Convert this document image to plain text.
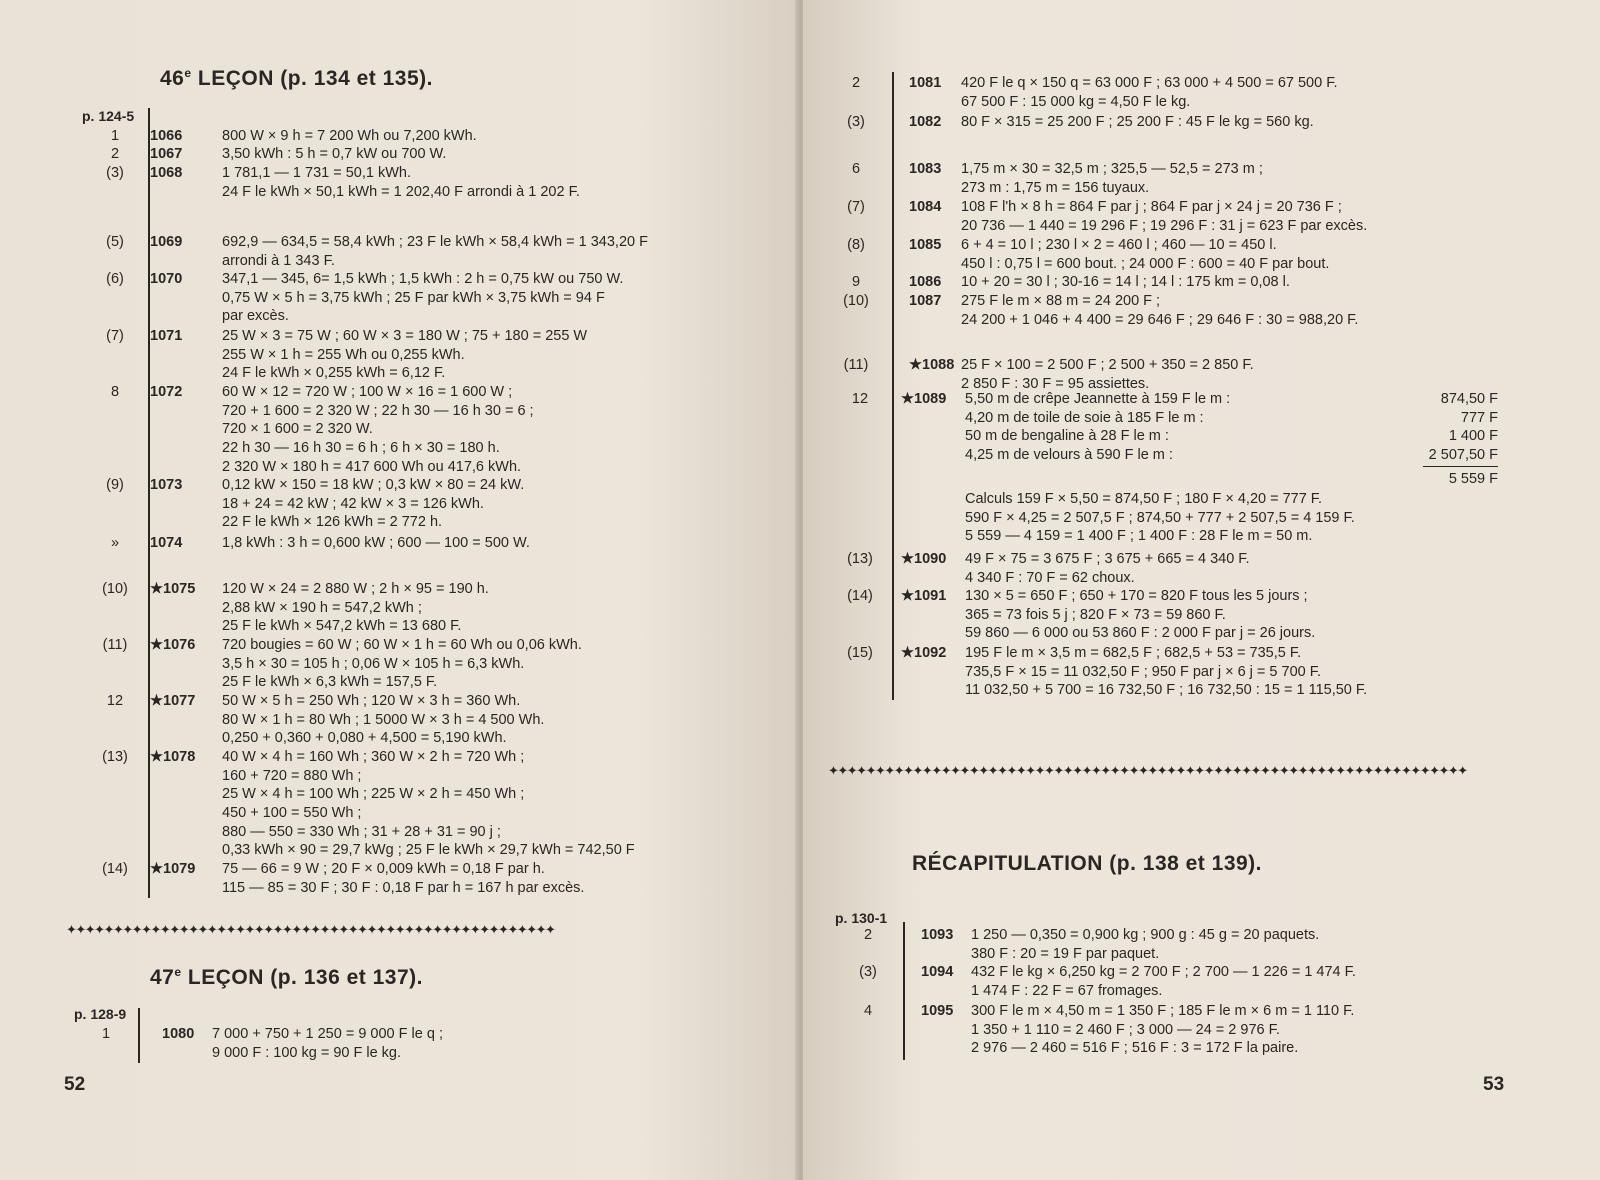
46e LEÇON (p. 134 et 135).
p. 124-5
1	1066	800 W × 9 h = 7 200 Wh ou 7,200 kWh.
2	1067	3,50 kWh : 5 h = 0,7 kW ou 700 W.
(3)	1068	1 781,1 — 1 731 = 50,1 kWh.
24 F le kWh × 50,1 kWh = 1 202,40 F arrondi à 1 202 F.
(5)	1069	692,9 — 634,5 = 58,4 kWh ; 23 F le kWh × 58,4 kWh = 1 343,20 F
arrondi à 1 343 F.
(6)	1070	347,1 — 345, 6= 1,5 kWh ; 1,5 kWh : 2 h = 0,75 kW ou 750 W.
0,75 W × 5 h = 3,75 kWh ; 25 F par kWh × 3,75 kWh = 94 F
par excès.
(7)	1071	25 W × 3 = 75 W ; 60 W × 3 = 180 W ; 75 + 180 = 255 W
255 W × 1 h = 255 Wh ou 0,255 kWh.
24 F le kWh × 0,255 kWh = 6,12 F.
8	1072	60 W × 12 = 720 W ; 100 W × 16 = 1 600 W ;
720 + 1 600 = 2 320 W ; 22 h 30 — 16 h 30 = 6 ;
720 × 1 600 = 2 320 W.
22 h 30 — 16 h 30 = 6 h ; 6 h × 30 = 180 h.
2 320 W × 180 h = 417 600 Wh ou 417,6 kWh.
(9)	1073	0,12 kW × 150 = 18 kW ; 0,3 kW × 80 = 24 kW.
18 + 24 = 42 kW ; 42 kW × 3 = 126 kWh.
22 F le kWh × 126 kWh = 2 772 h.
»	1074	1,8 kWh : 3 h = 0,600 kW ; 600 — 100 = 500 W.
(10)	★1075 120 W × 24 = 2 880 W ; 2 h × 95 = 190 h.
2,88 kW × 190 h = 547,2 kWh ;
25 F le kWh × 547,2 kWh = 13 680 F.
(11)	★1076 720 bougies = 60 W ; 60 W × 1 h = 60 Wh ou 0,06 kWh.
3,5 h × 30 = 105 h ; 0,06 W × 105 h = 6,3 kWh.
25 F le kWh × 6,3 kWh = 157,5 F.
12	★1077 50 W × 5 h = 250 Wh ; 120 W × 3 h = 360 Wh.
80 W × 1 h = 80 Wh ; 1 5000 W × 3 h = 4 500 Wh.
0,250 + 0,360 + 0,080 + 4,500 = 5,190 kWh.
(13)	★1078 40 W × 4 h = 160 Wh ; 360 W × 2 h = 720 Wh ;
160 + 720 = 880 Wh ;
25 W × 4 h = 100 Wh ; 225 W × 2 h = 450 Wh ;
450 + 100 = 550 Wh ;
880 — 550 = 330 Wh ; 31 + 28 + 31 = 90 j ;
0,33 kWh × 90 = 29,7 kWg ; 25 F le kWh × 29,7 kWh = 742,50 F
(14)	★1079 75 — 66 = 9 W ; 20 F × 0,009 kWh = 0,18 F par h.
115 — 85 = 30 F ; 30 F : 0,18 F par h = 167 h par excès.
✦✦✦✦✦✦✦✦✦✦✦✦✦✦✦✦✦✦✦✦✦✦✦✦✦✦✦✦✦✦✦✦✦✦✦✦✦✦✦✦✦✦✦✦✦✦✦✦✦✦✦✦
47e LEÇON (p. 136 et 137).
p. 128-9
1	1080 7 000 + 750 + 1 250 = 9 000 F le q ;
9 000 F : 100 kg = 90 F le kg.
52
2	1081 420 F le q × 150 q = 63 000 F ; 63 000 + 4 500 = 67 500 F.
67 500 F : 15 000 kg = 4,50 F le kg.
(3)	1082 80 F × 315 = 25 200 F ; 25 200 F : 45 F le kg = 560 kg.
6	1083 1,75 m × 30 = 32,5 m ; 325,5 — 52,5 = 273 m ;
273 m : 1,75 m = 156 tuyaux.
(7)	1084 108 F l'h × 8 h = 864 F par j ; 864 F par j × 24 j = 20 736 F ;
20 736 — 1 440 = 19 296 F ; 19 296 F : 31 j = 623 F par excès.
(8)	1085 6 + 4 = 10 l ; 230 l × 2 = 460 l ; 460 — 10 = 450 l.
450 l : 0,75 l = 600 bout. ; 24 000 F : 600 = 40 F par bout.
9	1086 10 + 20 = 30 l ; 30-16 = 14 l ; 14 l : 175 km = 0,08 l.
(10)	1087 275 F le m × 88 m = 24 200 F ;
24 200 + 1 046 + 4 400 = 29 646 F ; 29 646 F : 30 = 988,20 F.
(11)	★1088 25 F × 100 = 2 500 F ; 2 500 + 350 = 2 850 F.
2 850 F : 30 F = 95 assiettes.
12	★1089 5,50 m de crêpe Jeannette à 159 F le m :	874,50 F
4,20 m de toile de soie à 185 F le m :	777 F
50 m de bengaline à 28 F le m :	1 400 F
4,25 m de velours à 590 F le m :	2 507,50 F
5 559 F
Calculs 159 F × 5,50 = 874,50 F ; 180 F × 4,20 = 777 F.
590 F × 4,25 = 2 507,5 F ; 874,50 + 777 + 2 507,5 = 4 159 F.
5 559 — 4 159 = 1 400 F ; 1 400 F : 28 F le m = 50 m.
(13)	★1090 49 F × 75 = 3 675 F ; 3 675 + 665 = 4 340 F.
4 340 F : 70 F = 62 choux.
(14)	★1091 130 × 5 = 650 F ; 650 + 170 = 820 F tous les 5 jours ;
365 = 73 fois 5 j ; 820 F × 73 = 59 860 F.
59 860 — 6 000 ou 53 860 F : 2 000 F par j = 26 jours.
(15)	★1092 195 F le m × 3,5 m = 682,5 F ; 682,5 + 53 = 735,5 F.
735,5 F × 15 = 11 032,50 F ; 950 F par j × 6 j = 5 700 F.
11 032,50 + 5 700 = 16 732,50 F ; 16 732,50 : 15 = 1 115,50 F.
✦✦✦✦✦✦✦✦✦✦✦✦✦✦✦✦✦✦✦✦✦✦✦✦✦✦✦✦✦✦✦✦✦✦✦✦✦✦✦✦✦✦✦✦✦✦✦✦✦✦✦✦✦✦✦✦✦✦✦✦✦✦✦✦✦✦✦✦
RÉCAPITULATION (p. 138 et 139).
p. 130-1
2	1093 1 250 — 0,350 = 0,900 kg ; 900 g : 45 g = 20 paquets.
380 F : 20 = 19 F par paquet.
(3)	1094 432 F le kg × 6,250 kg = 2 700 F ; 2 700 — 1 226 = 1 474 F.
1 474 F : 22 F = 67 fromages.
4	1095 300 F le m × 4,50 m = 1 350 F ; 185 F le m × 6 m = 1 110 F.
1 350 + 1 110 = 2 460 F ; 3 000 — 24 = 2 976 F.
2 976 — 2 460 = 516 F ; 516 F : 3 = 172 F la paire.
53
